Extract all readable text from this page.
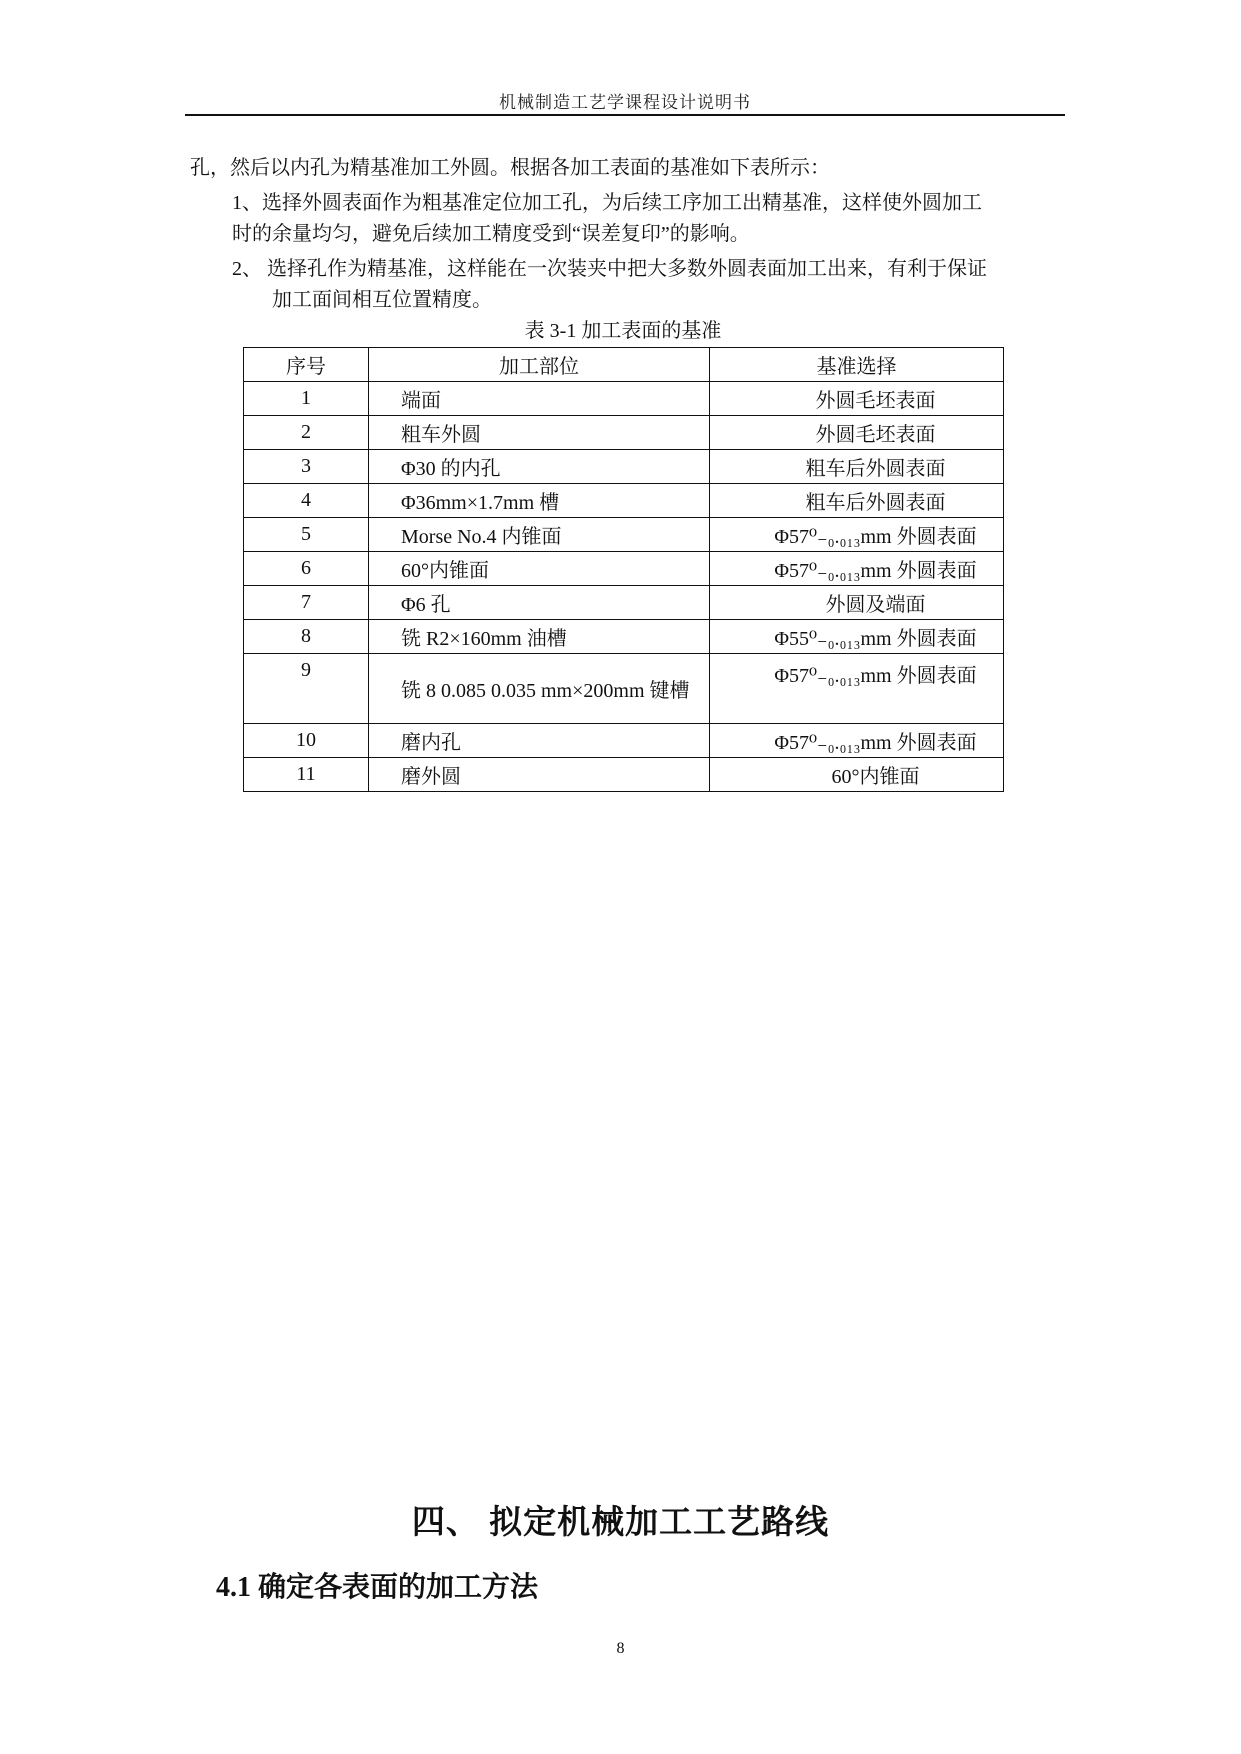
机械制造工艺学课程设计说明书
孔，然后以内孔为精基准加工外圆。根据各加工表面的基准如下表所示：
1、选择外圆表面作为粗基准定位加工孔，为后续工序加工出精基准，这样使外圆加工
时的余量均匀，避免后续加工精度受到“误差复印”的影响。
2、 选择孔作为精基准，这样能在一次装夹中把大多数外圆表面加工出来，有利于保证
加工面间相互位置精度。
表 3-1 加工表面的基准
序号	加工部位	基准选择
1	端面	外圆毛坯表面
2	粗车外圆	外圆毛坯表面
3	Φ30 的内孔	粗车后外圆表面
4	Φ36mm×1.7mm 槽	粗车后外圆表面
5	Morse No.4 内锥面	Φ57⁰₋₀.₀₁₃mm 外圆表面
6	60°内锥面	Φ57⁰₋₀.₀₁₃mm 外圆表面
7	Φ6 孔	外圆及端面
8	铣 R2×160mm 油槽	Φ55⁰₋₀.₀₁₃mm 外圆表面
9	铣 8 0.085 0.035 mm×200mm 键槽	Φ57⁰₋₀.₀₁₃mm 外圆表面
10	磨内孔	Φ57⁰₋₀.₀₁₃mm 外圆表面
11	磨外圆	60°内锥面
四、 拟定机械加工工艺路线
4.1 确定各表面的加工方法
8
